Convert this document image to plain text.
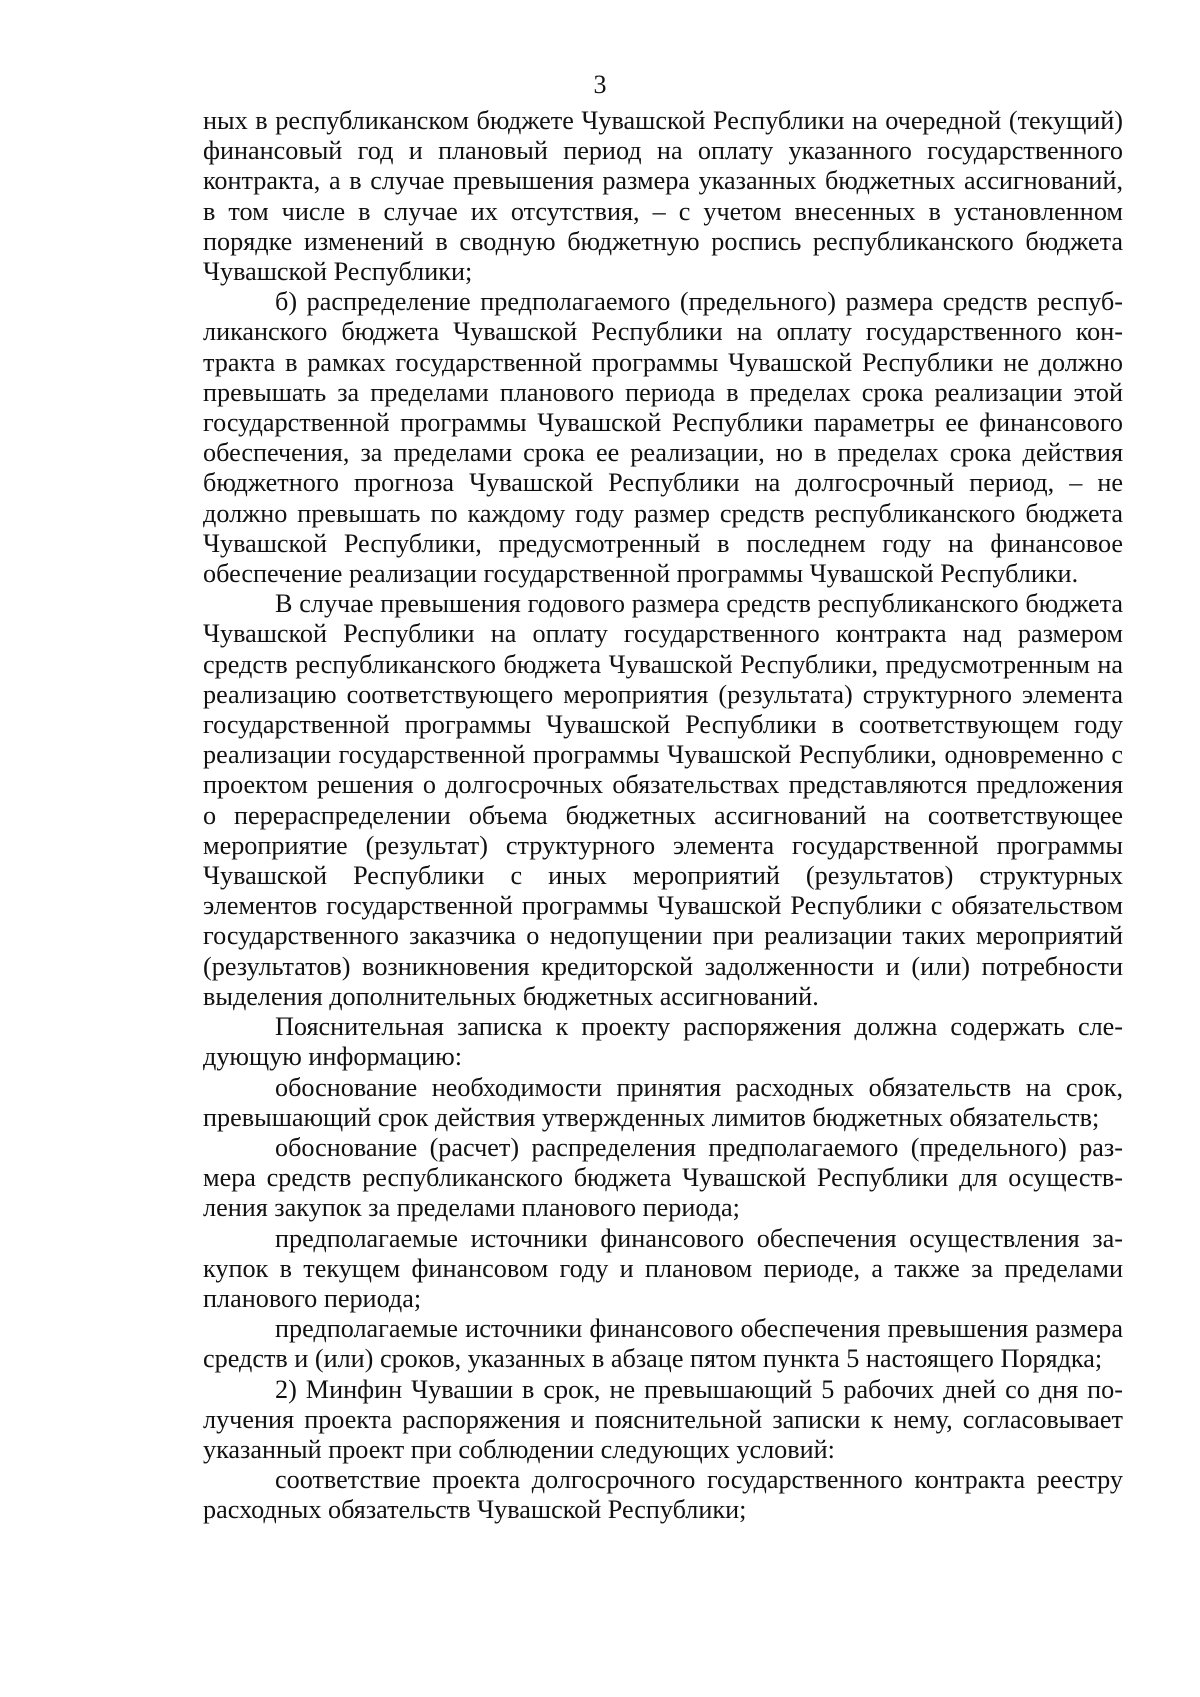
3

ных в республиканском бюджете Чувашской Республики на очередной (текущий) финансовый год и плановый период на оплату указанного государственного контракта, а в случае превышения размера указанных бюджетных ассигнований, в том числе в случае их отсутствия, – с учетом внесенных в установленном порядке изменений в сводную бюджетную роспись республиканского бюджета Чувашской Республики;

б) распределение предполагаемого (предельного) размера средств республиканского бюджета Чувашской Республики на оплату государственного контракта в рамках государственной программы Чувашской Республики не должно превышать за пределами планового периода в пределах срока реализации этой государственной программы Чувашской Республики параметры ее финансового обеспечения, за пределами срока ее реализации, но в пределах срока действия бюджетного прогноза Чувашской Республики на долгосрочный период, – не должно превышать по каждому году размер средств республиканского бюджета Чувашской Республики, предусмотренный в последнем году на финансовое обеспечение реализации государственной программы Чувашской Республики.

В случае превышения годового размера средств республиканского бюджета Чувашской Республики на оплату государственного контракта над размером средств республиканского бюджета Чувашской Республики, предусмотренным на реализацию соответствующего мероприятия (результата) структурного элемента государственной программы Чувашской Республики в соответствующем году реализации государственной программы Чувашской Республики, одновременно с проектом решения о долгосрочных обязательствах представляются предложения о перераспределении объема бюджетных ассигнований на соответствующее мероприятие (результат) структурного элемента государственной программы Чувашской Республики с иных мероприятий (результатов) структурных элементов государственной программы Чувашской Республики с обязательством государственного заказчика о недопущении при реализации таких мероприятий (результатов) возникновения кредиторской задолженности и (или) потребности выделения дополнительных бюджетных ассигнований.

Пояснительная записка к проекту распоряжения должна содержать следующую информацию:

обоснование необходимости принятия расходных обязательств на срок, превышающий срок действия утвержденных лимитов бюджетных обязательств;

обоснование (расчет) распределения предполагаемого (предельного) размера средств республиканского бюджета Чувашской Республики для осуществления закупок за пределами планового периода;

предполагаемые источники финансового обеспечения осуществления закупок в текущем финансовом году и плановом периоде, а также за пределами планового периода;

предполагаемые источники финансового обеспечения превышения размера средств и (или) сроков, указанных в абзаце пятом пункта 5 настоящего Порядка;

2) Минфин Чувашии в срок, не превышающий 5 рабочих дней со дня получения проекта распоряжения и пояснительной записки к нему, согласовывает указанный проект при соблюдении следующих условий:

соответствие проекта долгосрочного государственного контракта реестру расходных обязательств Чувашской Республики;
